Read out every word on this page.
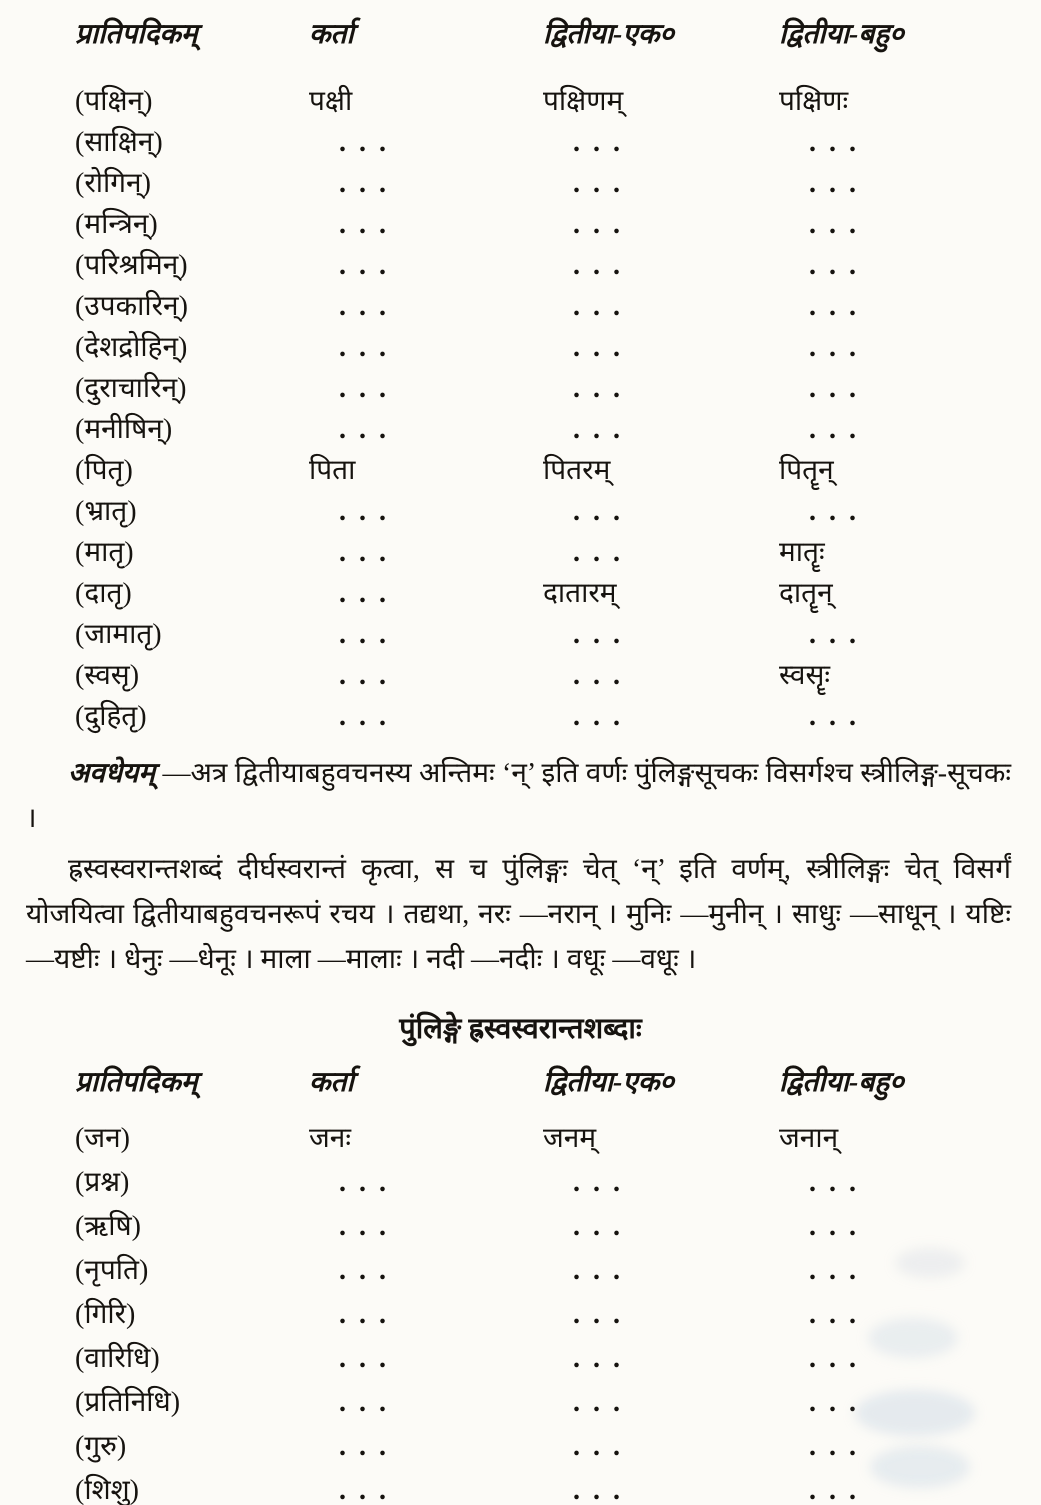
प्रातिपदिकम्	कर्ता	द्वितीया-एक०	द्वितीया-बहु०
(पक्षिन्)	पक्षी	पक्षिणम्	पक्षिणः
(साक्षिन्)	. . .	. . .	. . .
(रोगिन्)	. . .	. . .	. . .
(मन्त्रिन्)	. . .	. . .	. . .
(परिश्रमिन्)	. . .	. . .	. . .
(उपकारिन्)	. . .	. . .	. . .
(देशद्रोहिन्)	. . .	. . .	. . .
(दुराचारिन्)	. . .	. . .	. . .
(मनीषिन्)	. . .	. . .	. . .
(पितृ)	पिता	पितरम्	पितॄन्
(भ्रातृ)	. . .	. . .	. . .
(मातृ)	. . .	. . .	मातॄः
(दातृ)	. . .	दातारम्	दातॄन्
(जामातृ)	. . .	. . .	. . .
(स्वसृ)	. . .	. . .	स्वसॄः
(दुहितृ)	. . .	. . .	. . .

अवधेयम् —अत्र द्वितीयाबहुवचनस्य अन्तिमः ‘न्’ इति वर्णः पुंलिङ्गसूचकः विसर्गश्च स्त्रीलिङ्ग-सूचकः ।

ह्रस्वस्वरान्तशब्दं दीर्घस्वरान्तं कृत्वा, स च पुंलिङ्गः चेत् ‘न्’ इति वर्णम्, स्त्रीलिङ्गः चेत् विसर्गं योजयित्वा द्वितीयाबहुवचनरूपं रचय । तद्यथा, नरः —नरान् । मुनिः —मुनीन् । साधुः —साधून् । यष्टिः —यष्टीः । धेनुः —धेनूः । माला —मालाः । नदी —नदीः । वधूः —वधूः ।

पुंलिङ्गे ह्रस्वस्वरान्तशब्दाः
प्रातिपदिकम्	कर्ता	द्वितीया-एक०	द्वितीया-बहु०
(जन)	जनः	जनम्	जनान्
(प्रश्न)	. . .	. . .	. . .
(ऋषि)	. . .	. . .	. . .
(नृपति)	. . .	. . .	. . .
(गिरि)	. . .	. . .	. . .
(वारिधि)	. . .	. . .	. . .
(प्रतिनिधि)	. . .	. . .	. . .
(गुरु)	. . .	. . .	. . .
(शिशु)	. . .	. . .	. . .
